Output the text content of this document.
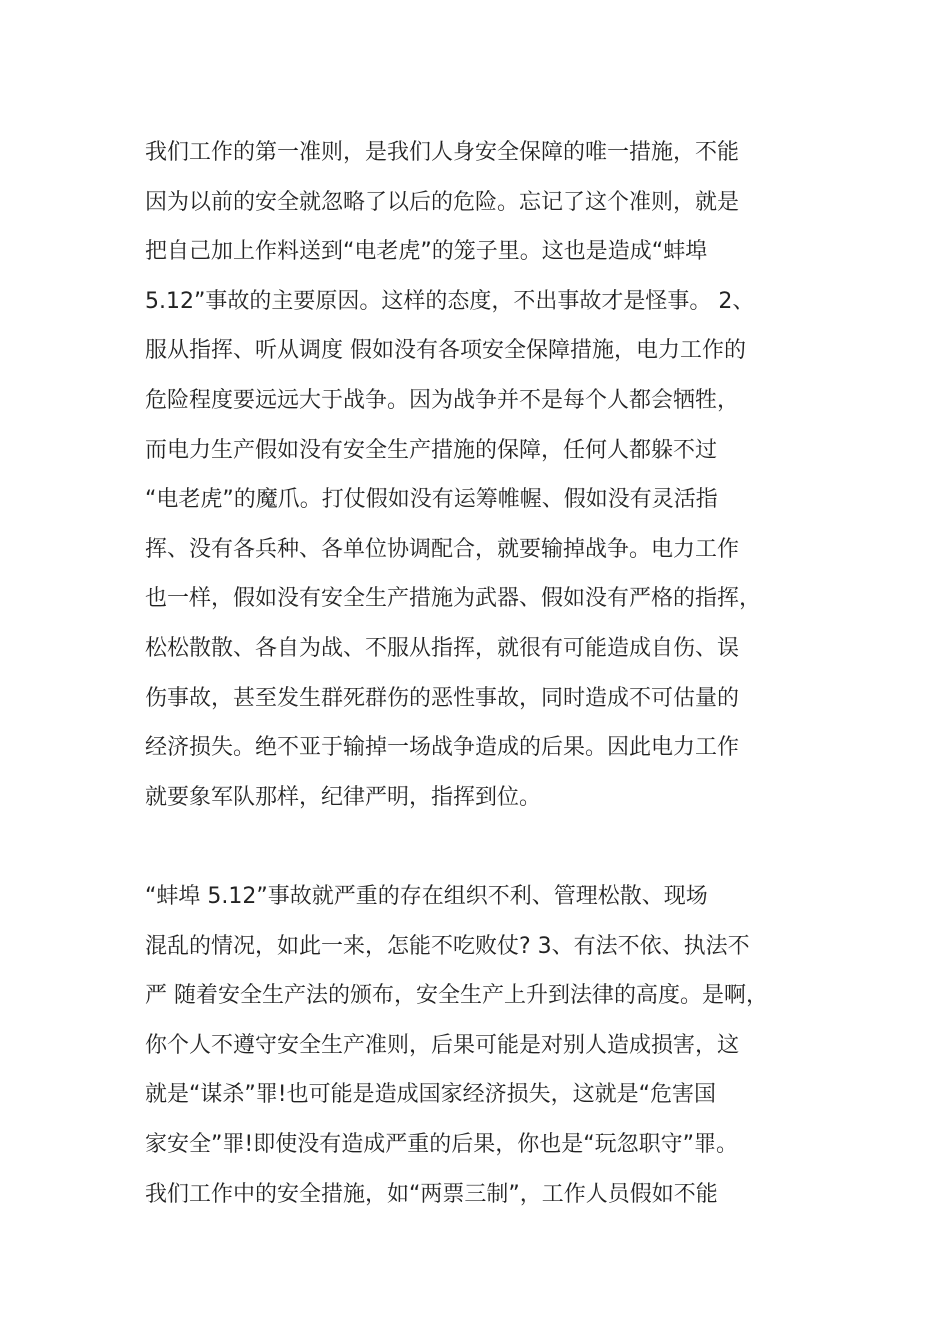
我们工作的第一准则，是我们人身安全保障的唯一措施，不能
因为以前的安全就忽略了以后的危险。忘记了这个准则，就是
把自己加上作料送到“电老虎”的笼子里。这也是造成“蚌埠
5.12”事故的主要原因。这样的态度，不出事故才是怪事。 2、
服从指挥、听从调度 假如没有各项安全保障措施，电力工作的
危险程度要远远大于战争。因为战争并不是每个人都会牺牲，
而电力生产假如没有安全生产措施的保障，任何人都躲不过
“电老虎”的魔爪。打仗假如没有运筹帷幄、假如没有灵活指
挥、没有各兵种、各单位协调配合，就要输掉战争。电力工作
也一样，假如没有安全生产措施为武器、假如没有严格的指挥，
松松散散、各自为战、不服从指挥，就很有可能造成自伤、误
伤事故，甚至发生群死群伤的恶性事故，同时造成不可估量的
经济损失。绝不亚于输掉一场战争造成的后果。因此电力工作
就要象军队那样，纪律严明，指挥到位。
“蚌埠 5.12”事故就严重的存在组织不利、管理松散、现场
混乱的情况，如此一来，怎能不吃败仗? 3、有法不依、执法不
严 随着安全生产法的颁布，安全生产上升到法律的高度。是啊，
你个人不遵守安全生产准则，后果可能是对别人造成损害，这
就是“谋杀”罪!也可能是造成国家经济损失，这就是“危害国
家安全”罪!即使没有造成严重的后果，你也是“玩忽职守”罪。
我们工作中的安全措施，如“两票三制”，工作人员假如不能
